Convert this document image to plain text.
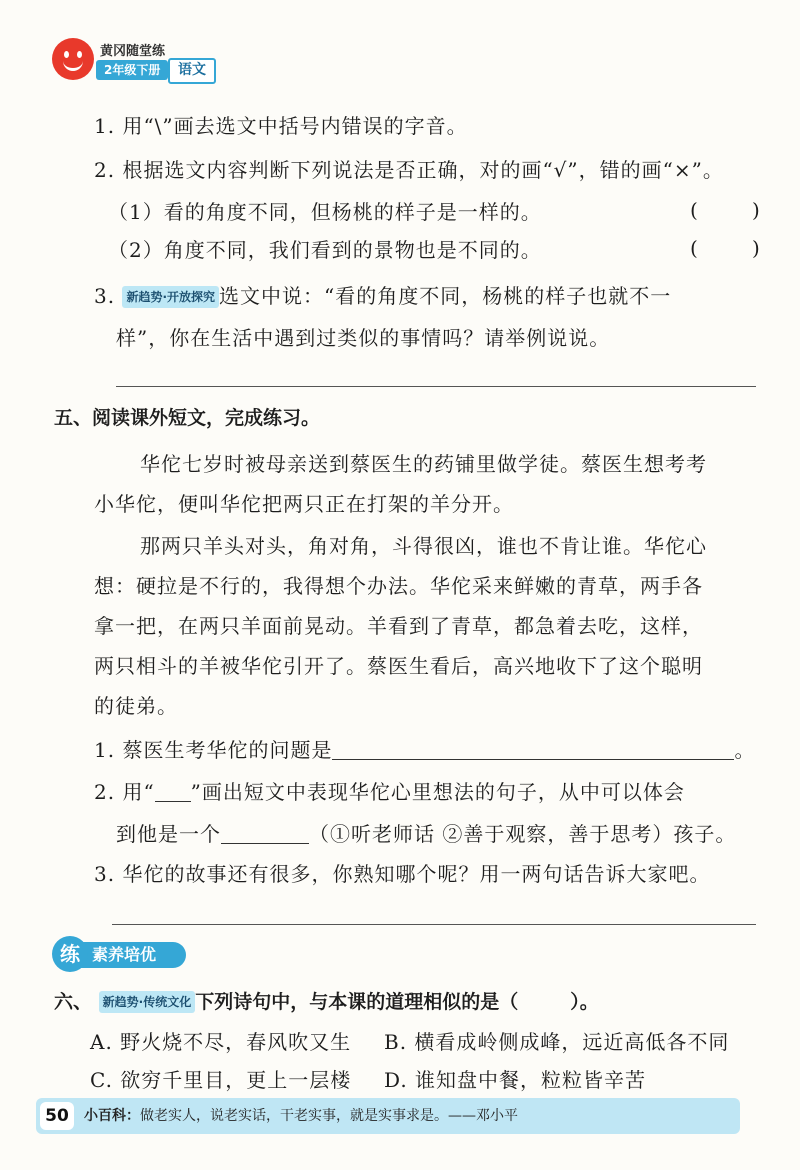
黄冈随堂练
2年级下册	语文
1. 用“\”画去选文中括号内错误的字音。
2. 根据选文内容判断下列说法是否正确，对的画“√”，错的画“×”。
（1）看的角度不同，但杨桃的样子是一样的。	(	)
（2）角度不同，我们看到的景物也是不同的。	(	)
3. 新趋势·开放探究 选文中说：“看的角度不同，杨桃的样子也就不一
样”，你在生活中遇到过类似的事情吗？请举例说说。
五、阅读课外短文，完成练习。
华佗七岁时被母亲送到蔡医生的药铺里做学徒。蔡医生想考考
小华佗，便叫华佗把两只正在打架的羊分开。
那两只羊头对头，角对角，斗得很凶，谁也不肯让谁。华佗心
想：硬拉是不行的，我得想个办法。华佗采来鲜嫩的青草，两手各
拿一把，在两只羊面前晃动。羊看到了青草，都急着去吃，这样，
两只相斗的羊被华佗引开了。蔡医生看后，高兴地收下了这个聪明
的徒弟。
1. 蔡医生考华佗的问题是	。
2. 用“ ”画出短文中表现华佗心里想法的句子，从中可以体会
到他是一个	（①听老师话 ②善于观察，善于思考）孩子。
3. 华佗的故事还有很多，你熟知哪个呢？用一两句话告诉大家吧。
素养培优
练
六、 新趋势·传统文化 下列诗句中，与本课的道理相似的是（	）。
A. 野火烧不尽，春风吹又生 B. 横看成岭侧成峰，远近高低各不同
C. 欲穷千里目，更上一层楼 D. 谁知盘中餐，粒粒皆辛苦
50	小百科：做老实人，说老实话，干老实事，就是实事求是。——邓小平
